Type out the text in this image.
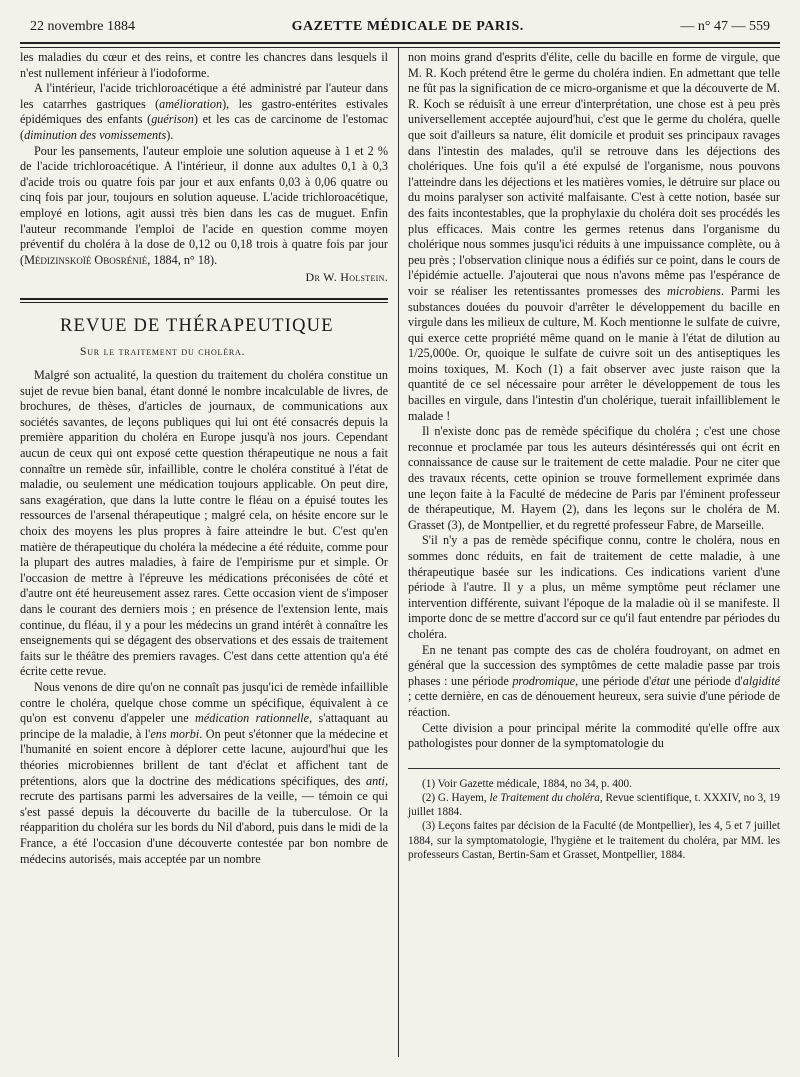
22 novembre 1884	GAZETTE MÉDICALE DE PARIS.	— n° 47 — 559

les maladies du cœur et des reins, et contre les chancres dans lesquels il n'est nullement inférieur à l'iodoforme.

A l'intérieur, l'acide trichloroacétique a été administré par l'auteur dans les catarrhes gastriques (amélioration), les gastro-entérites estivales épidémiques des enfants (guérison) et les cas de carcinome de l'estomac (diminution des vomissements).

Pour les pansements, l'auteur emploie une solution aqueuse à 1 et 2 % de l'acide trichloroacétique. A l'intérieur, il donne aux adultes 0,1 à 0,3 d'acide trois ou quatre fois par jour et aux enfants 0,03 à 0,06 quatre ou cinq fois par jour, toujours en solution aqueuse. L'acide trichloroacétique, employé en lotions, agit aussi très bien dans les cas de muguet. Enfin l'auteur recommande l'emploi de l'acide en question comme moyen préventif du choléra à la dose de 0,12 ou 0,18 trois à quatre fois par jour (Médizinskoïé Obosrénié, 1884, n° 18).

Dr W. Holstein.
REVUE DE THÉRAPEUTIQUE
Sur le traitement du choléra.

Malgré son actualité, la question du traitement du choléra constitue un sujet de revue bien banal, étant donné le nombre incalculable de livres, de brochures, de thèses, d'articles de journaux, de communications aux sociétés savantes, de leçons publiques qui lui ont été consacrés depuis la première apparition du choléra en Europe jusqu'à nos jours. Cependant aucun de ceux qui ont exposé cette question thérapeutique ne nous a fait connaître un remède sûr, infaillible, contre le choléra constitué à l'état de maladie, ou seulement une médication toujours applicable. On peut dire, sans exagération, que dans la lutte contre le fléau on a épuisé toutes les ressources de l'arsenal thérapeutique ; malgré cela, on hésite encore sur le choix des moyens les plus propres à faire atteindre le but. C'est qu'en matière de thérapeutique du choléra la médecine a été réduite, comme pour la plupart des autres maladies, à faire de l'empirisme pur et simple. Or l'occasion de mettre à l'épreuve les médications préconisées de côté et d'autre ont été heureusement assez rares. Cette occasion vient de s'imposer dans le courant des derniers mois ; en présence de l'extension lente, mais continue, du fléau, il y a pour les médecins un grand intérêt à connaître les enseignements qui se dégagent des observations et des essais de traitement faits sur le théâtre des premiers ravages. C'est dans cette attention qu'a été écrite cette revue.

Nous venons de dire qu'on ne connaît pas jusqu'ici de remède infaillible contre le choléra, quelque chose comme un spécifique, équivalent à ce qu'on est convenu d'appeler une médication rationnelle, s'attaquant au principe de la maladie, à l'ens morbi. On peut s'étonner que la médecine et l'humanité en soient encore à déplorer cette lacune, aujourd'hui que les théories microbiennes brillent de tant d'éclat et affichent tant de prétentions, alors que la doctrine des médications spécifiques, des anti, recrute des partisans parmi les adversaires de la veille, — témoin ce qui s'est passé depuis la découverte du bacille de la tuberculose. Or la réapparition du choléra sur les bords du Nil d'abord, puis dans le midi de la France, a été l'occasion d'une découverte contestée par bon nombre de médecins autorisés, mais acceptée par un nombre

non moins grand d'esprits d'élite, celle du bacille en forme de virgule, que M. R. Koch prétend être le germe du choléra indien. En admettant que telle ne fût pas la signification de ce micro-organisme et que la découverte de M. R. Koch se réduisît à une erreur d'interprétation, une chose est à peu près universellement acceptée aujourd'hui, c'est que le germe du choléra, quelle que soit d'ailleurs sa nature, élit domicile et produit ses principaux ravages dans l'intestin des malades, qu'il se retrouve dans les déjections des cholériques. Une fois qu'il a été expulsé de l'organisme, nous pouvons l'atteindre dans les déjections et les matières vomies, le détruire sur place ou du moins paralyser son activité malfaisante. C'est à cette notion, basée sur des faits incontestables, que la prophylaxie du choléra doit ses procédés les plus efficaces. Mais contre les germes retenus dans l'organisme du cholérique nous sommes jusqu'ici réduits à une impuissance complète, ou à peu près ; l'observation clinique nous a édifiés sur ce point, dans le cours de l'épidémie actuelle. J'ajouterai que nous n'avons même pas l'espérance de voir se réaliser les retentissantes promesses des microbiens. Parmi les substances douées du pouvoir d'arrêter le développement du bacille en virgule dans les milieux de culture, M. Koch mentionne le sulfate de cuivre, qui exerce cette propriété même quand on le manie à l'état de dilution au 1/25,000e. Or, quoique le sulfate de cuivre soit un des antiseptiques les moins toxiques, M. Koch (1) a fait observer avec juste raison que la quantité de ce sel nécessaire pour arrêter le développement de tous les bacilles en virgule, dans l'intestin d'un cholérique, tuerait infailliblement le malade !

Il n'existe donc pas de remède spécifique du choléra ; c'est une chose reconnue et proclamée par tous les auteurs désintéressés qui ont écrit en connaissance de cause sur le traitement de cette maladie. Pour ne citer que des travaux récents, cette opinion se trouve formellement exprimée dans une leçon faite à la Faculté de médecine de Paris par l'éminent professeur de thérapeutique, M. Hayem (2), dans les leçons sur le choléra de M. Grasset (3), de Montpellier, et du regretté professeur Fabre, de Marseille.

S'il n'y a pas de remède spécifique connu, contre le choléra, nous en sommes donc réduits, en fait de traitement de cette maladie, à une thérapeutique basée sur les indications. Ces indications varient d'une période à l'autre. Il y a plus, un même symptôme peut réclamer une intervention différente, suivant l'époque de la maladie où il se manifeste. Il importe donc de se mettre d'accord sur ce qu'il faut entendre par périodes du choléra.

En ne tenant pas compte des cas de choléra foudroyant, on admet en général que la succession des symptômes de cette maladie passe par trois phases : une période prodromique, une période d'état une période d'algidité ; cette dernière, en cas de dénouement heureux, sera suivie d'une période de réaction.

Cette division a pour principal mérite la commodité qu'elle offre aux pathologistes pour donner de la symptomatologie du

(1) Voir Gazette médicale, 1884, no 34, p. 400.

(2) G. Hayem, le Traitement du choléra, Revue scientifique, t. XXXIV, no 3, 19 juillet 1884.

(3) Leçons faites par décision de la Faculté (de Montpellier), les 4, 5 et 7 juillet 1884, sur la symptomatologie, l'hygiène et le traitement du choléra, par MM. les professeurs Castan, Bertin-Sam et Grasset, Montpellier, 1884.
